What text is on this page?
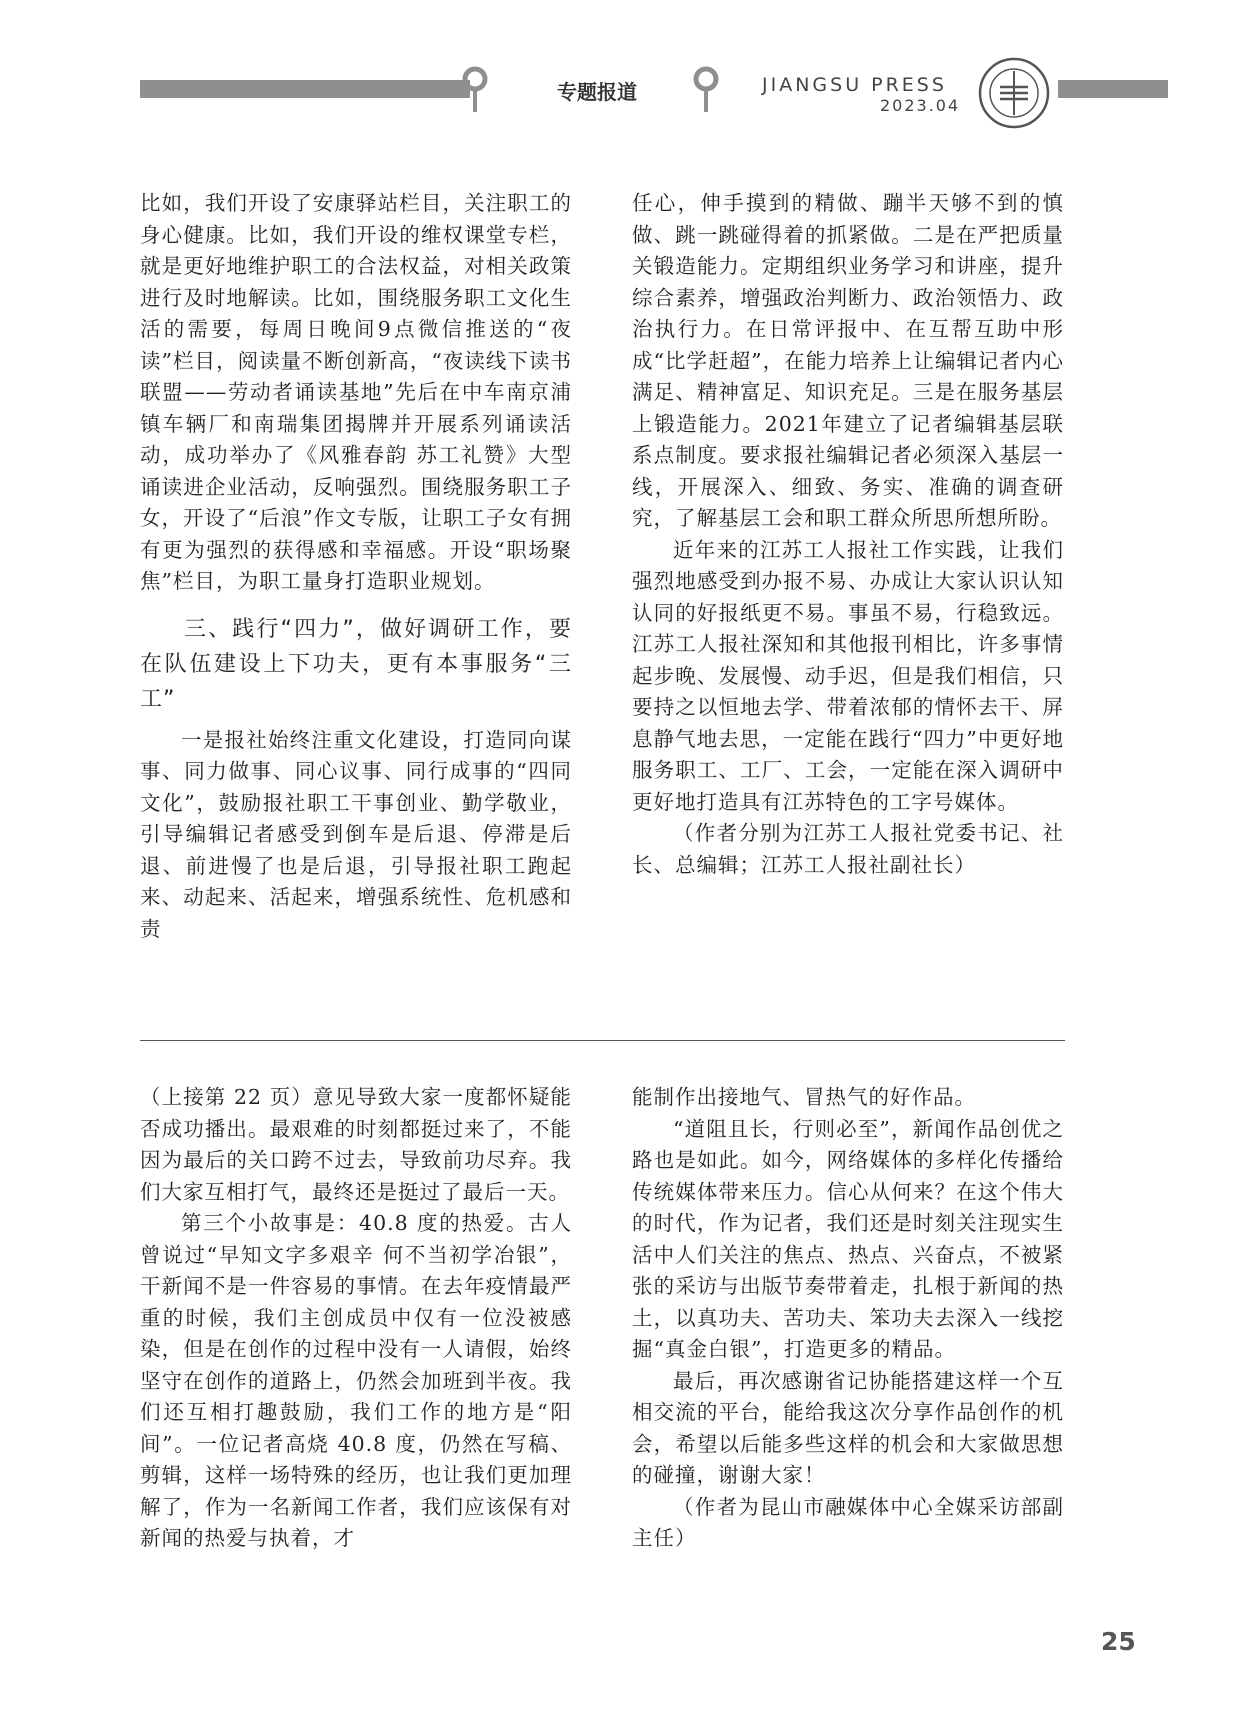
专题报道	JIANGSU PRESS
2023.04

比如，我们开设了安康驿站栏目，关注职工的身心健康。比如，我们开设的维权课堂专栏，就是更好地维护职工的合法权益，对相关政策进行及时地解读。比如，围绕服务职工文化生活的需要，每周日晚间9点微信推送的“夜读”栏目，阅读量不断创新高，“夜读线下读书联盟——劳动者诵读基地”先后在中车南京浦镇车辆厂和南瑞集团揭牌并开展系列诵读活动，成功举办了《风雅春韵 苏工礼赞》大型诵读进企业活动，反响强烈。围绕服务职工子女，开设了“后浪”作文专版，让职工子女有拥有更为强烈的获得感和幸福感。开设“职场聚焦”栏目，为职工量身打造职业规划。

三、践行“四力”，做好调研工作，要在队伍建设上下功夫，更有本事服务“三工”

一是报社始终注重文化建设，打造同向谋事、同力做事、同心议事、同行成事的“四同文化”，鼓励报社职工干事创业、勤学敬业，引导编辑记者感受到倒车是后退、停滞是后退、前进慢了也是后退，引导报社职工跑起来、动起来、活起来，增强系统性、危机感和责

任心，伸手摸到的精做、蹦半天够不到的慎做、跳一跳碰得着的抓紧做。二是在严把质量关锻造能力。定期组织业务学习和讲座，提升综合素养，增强政治判断力、政治领悟力、政治执行力。在日常评报中、在互帮互助中形成“比学赶超”，在能力培养上让编辑记者内心满足、精神富足、知识充足。三是在服务基层上锻造能力。2021年建立了记者编辑基层联系点制度。要求报社编辑记者必须深入基层一线，开展深入、细致、务实、准确的调查研究，了解基层工会和职工群众所思所想所盼。

近年来的江苏工人报社工作实践，让我们强烈地感受到办报不易、办成让大家认识认知认同的好报纸更不易。事虽不易，行稳致远。江苏工人报社深知和其他报刊相比，许多事情起步晚、发展慢、动手迟，但是我们相信，只要持之以恒地去学、带着浓郁的情怀去干、屏息静气地去思，一定能在践行“四力”中更好地服务职工、工厂、工会，一定能在深入调研中更好地打造具有江苏特色的工字号媒体。

（作者分别为江苏工人报社党委书记、社长、总编辑；江苏工人报社副社长）

（上接第 22 页）意见导致大家一度都怀疑能否成功播出。最艰难的时刻都挺过来了，不能因为最后的关口跨不过去，导致前功尽弃。我们大家互相打气，最终还是挺过了最后一天。

第三个小故事是：40.8 度的热爱。古人曾说过“早知文字多艰辛 何不当初学冶银”，干新闻不是一件容易的事情。在去年疫情最严重的时候，我们主创成员中仅有一位没被感染，但是在创作的过程中没有一人请假，始终坚守在创作的道路上，仍然会加班到半夜。我们还互相打趣鼓励，我们工作的地方是“阳间”。一位记者高烧 40.8 度，仍然在写稿、剪辑，这样一场特殊的经历，也让我们更加理解了，作为一名新闻工作者，我们应该保有对新闻的热爱与执着，才

能制作出接地气、冒热气的好作品。

“道阻且长，行则必至”，新闻作品创优之路也是如此。如今，网络媒体的多样化传播给传统媒体带来压力。信心从何来？在这个伟大的时代，作为记者，我们还是时刻关注现实生活中人们关注的焦点、热点、兴奋点，不被紧张的采访与出版节奏带着走，扎根于新闻的热土，以真功夫、苦功夫、笨功夫去深入一线挖掘“真金白银”，打造更多的精品。

最后，再次感谢省记协能搭建这样一个互相交流的平台，能给我这次分享作品创作的机会，希望以后能多些这样的机会和大家做思想的碰撞，谢谢大家！

（作者为昆山市融媒体中心全媒采访部副主任）

25
